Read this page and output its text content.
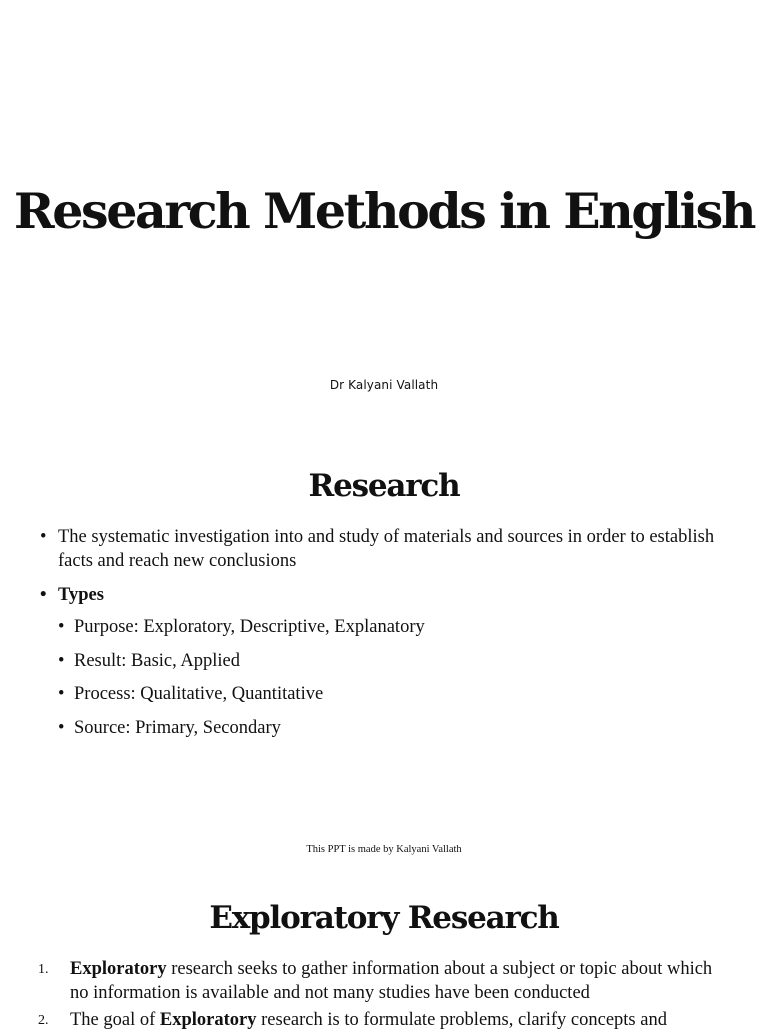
Research Methods in English
Dr Kalyani Vallath
Research
• The systematic investigation into and study of materials and sources in order to establish facts and reach new conclusions
• Types
• Purpose: Exploratory, Descriptive, Explanatory
• Result: Basic, Applied
• Process: Qualitative, Quantitative
• Source: Primary, Secondary
This PPT is made by Kalyani Vallath
Exploratory Research
1. Exploratory research seeks to gather information about a subject or topic about which no information is available and not many studies have been conducted
2. The goal of Exploratory research is to formulate problems, clarify concepts and
